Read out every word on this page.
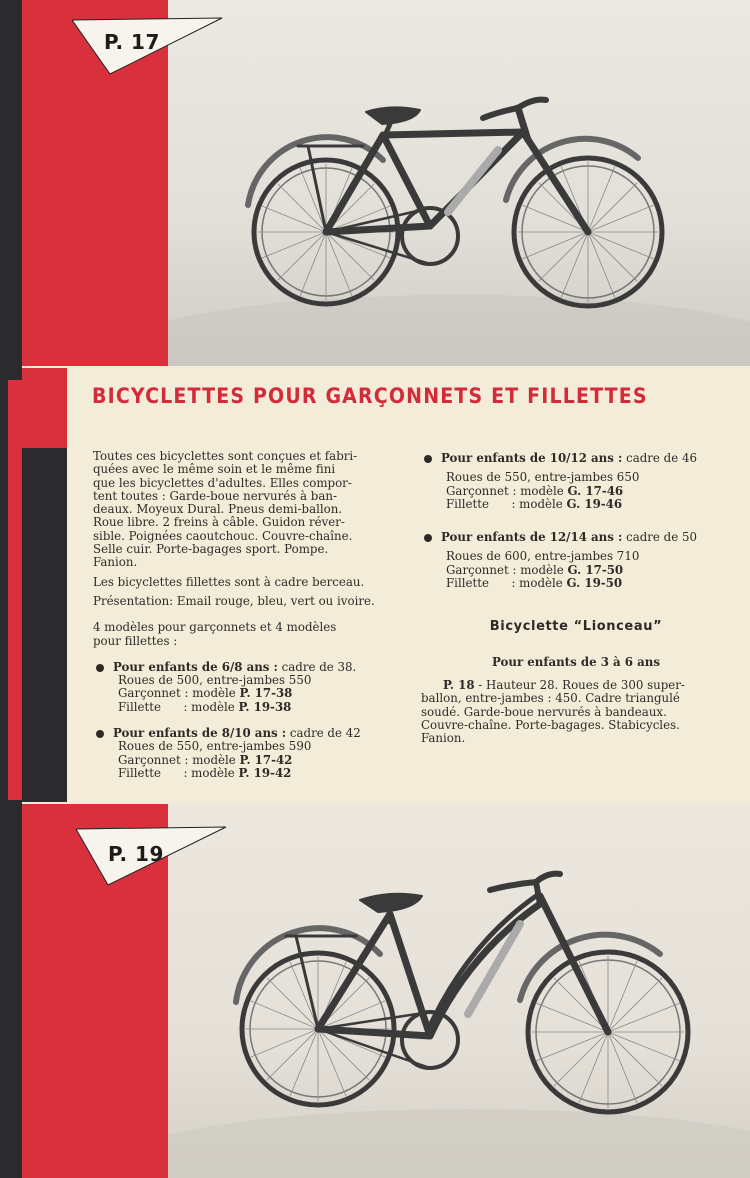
P. 17
P. 19
BICYCLETTES POUR GARÇONNETS ET FILLETTES

Toutes ces bicyclettes sont conçues et fabri-

quées avec le même soin et le même fini

que les bicyclettes d'adultes. Elles compor-

tent toutes : Garde-boue nervurés à ban-

deaux. Moyeux Dural. Pneus demi-ballon.

Roue libre. 2 freins à câble. Guidon réver-

sible. Poignées caoutchouc. Couvre-chaîne.

Selle cuir. Porte-bagages sport. Pompe.

Fanion.

Les bicyclettes fillettes sont à cadre berceau.

Présentation: Email rouge, bleu, vert ou ivoire.

4 modèles pour garçonnets et 4 modèles

pour fillettes :

Pour enfants de 6/8 ans : cadre de 38.

Roues de 500, entre-jambes 550

Garçonnet : modèle P. 17-38

Fillette      : modèle P. 19-38

Pour enfants de 8/10 ans : cadre de 42

Roues de 550, entre-jambes 590

Garçonnet : modèle P. 17-42

Fillette      : modèle P. 19-42

Pour enfants de 10/12 ans : cadre de 46

Roues de 550, entre-jambes 650

Garçonnet : modèle G. 17-46

Fillette      : modèle G. 19-46

Pour enfants de 12/14 ans : cadre de 50

Roues de 600, entre-jambes 710

Garçonnet : modèle G. 17-50

Fillette      : modèle G. 19-50

Bicyclette “Lionceau”

Pour enfants de 3 à 6 ans

P. 18 - Hauteur 28. Roues de 300 super-

ballon, entre-jambes : 450. Cadre triangulé

soudé. Garde-boue nervurés à bandeaux.

Couvre-chaîne. Porte-bagages. Stabicycles.

Fanion.
